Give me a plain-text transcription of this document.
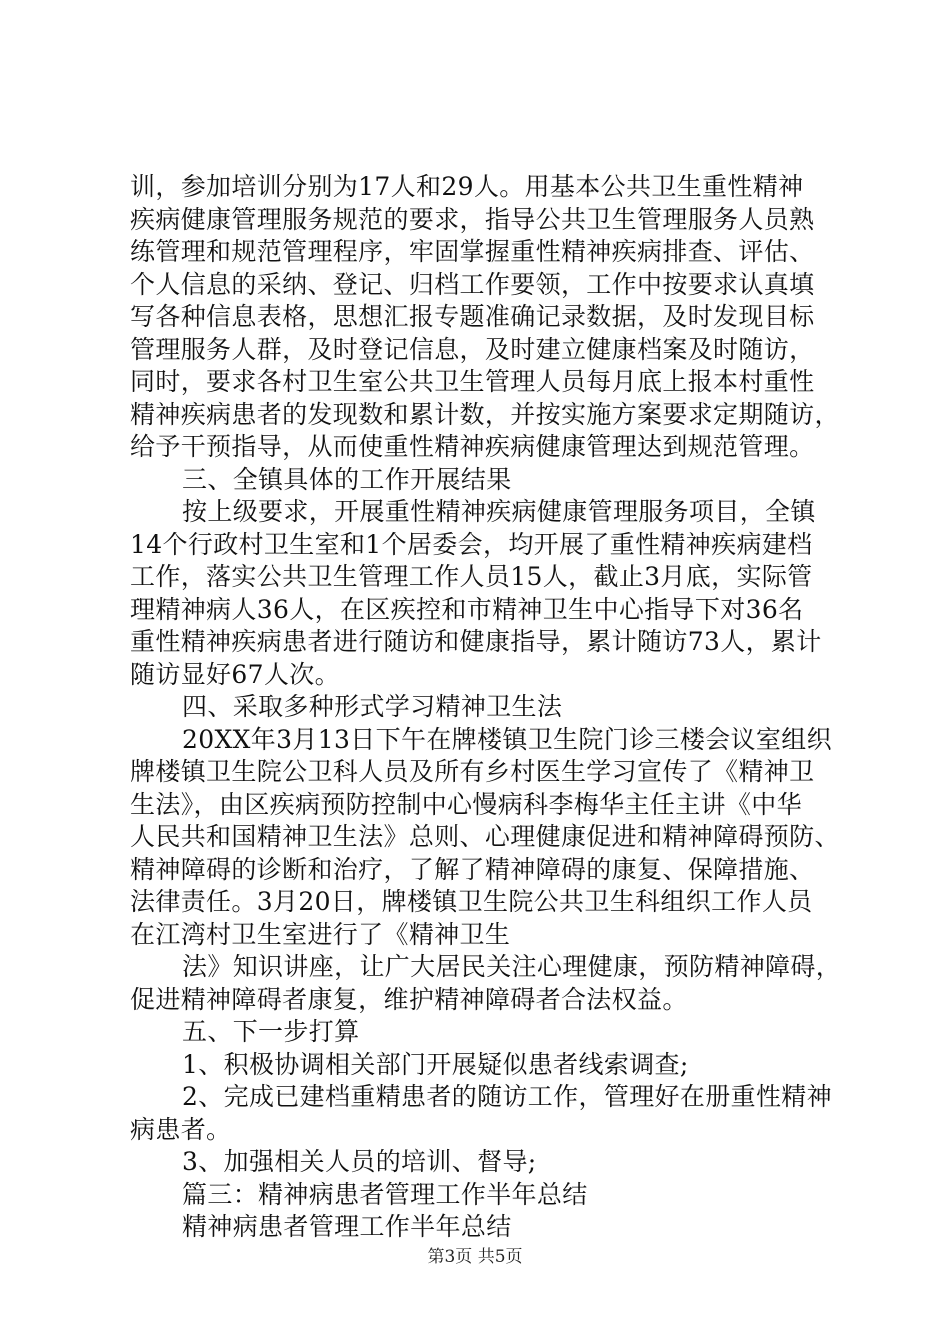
训，参加培训分别为17人和29人。用基本公共卫生重性精神
疾病健康管理服务规范的要求，指导公共卫生管理服务人员熟
练管理和规范管理程序，牢固掌握重性精神疾病排查、评估、
个人信息的采纳、登记、归档工作要领，工作中按要求认真填
写各种信息表格，思想汇报专题准确记录数据，及时发现目标
管理服务人群，及时登记信息，及时建立健康档案及时随访，
同时，要求各村卫生室公共卫生管理人员每月底上报本村重性
精神疾病患者的发现数和累计数，并按实施方案要求定期随访，
给予干预指导，从而使重性精神疾病健康管理达到规范管理。
三、全镇具体的工作开展结果
按上级要求，开展重性精神疾病健康管理服务项目，全镇
14个行政村卫生室和1个居委会，均开展了重性精神疾病建档
工作，落实公共卫生管理工作人员15人，截止3月底，实际管
理精神病人36人，在区疾控和市精神卫生中心指导下对36名
重性精神疾病患者进行随访和健康指导，累计随访73人，累计
随访显好67人次。
四、采取多种形式学习精神卫生法
20XX年3月13日下午在牌楼镇卫生院门诊三楼会议室组织
牌楼镇卫生院公卫科人员及所有乡村医生学习宣传了《精神卫
生法》，由区疾病预防控制中心慢病科李梅华主任主讲《中华
人民共和国精神卫生法》总则、心理健康促进和精神障碍预防、
精神障碍的诊断和治疗，了解了精神障碍的康复、保障措施、
法律责任。3月20日，牌楼镇卫生院公共卫生科组织工作人员
在江湾村卫生室进行了《精神卫生
法》知识讲座，让广大居民关注心理健康，预防精神障碍，
促进精神障碍者康复，维护精神障碍者合法权益。
五、下一步打算
1、积极协调相关部门开展疑似患者线索调查;
2、完成已建档重精患者的随访工作，管理好在册重性精神
病患者。
3、加强相关人员的培训、督导;
篇三：精神病患者管理工作半年总结
精神病患者管理工作半年总结
第3页 共5页
